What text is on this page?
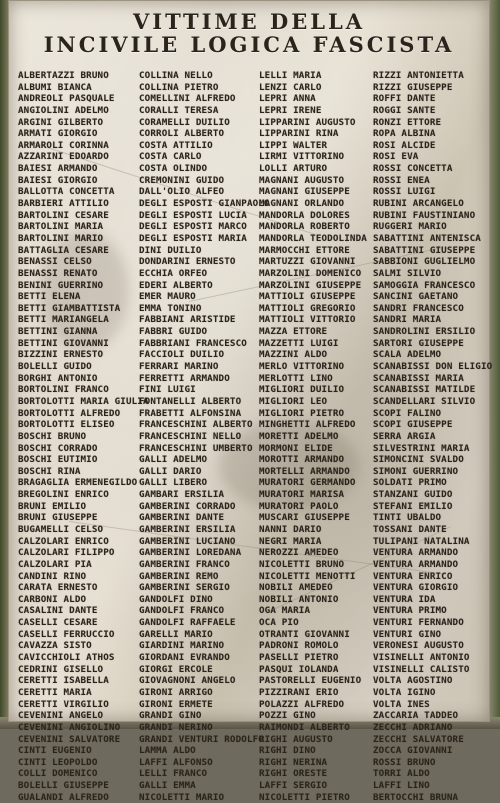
VITTIME DELLA
INCIVILE LOGICA FASCISTA
ALBERTAZZI BRUNO
ALBUMI BIANCA
ANDREOLI PASQUALE
ANGIOLINI ADELMO
ARGINI GILBERTO
ARMATI GIORGIO
ARMAROLI CORINNA
AZZARINI EDOARDO
BAIESI ARMANDO
BAIESI GIORGIO
BALLOTTA CONCETTA
BARBIERI ATTILIO
BARTOLINI CESARE
BARTOLINI MARIA
BARTOLINI MARIO
BATTAGLIA CESARE
BENASSI CELSO
BENASSI RENATO
BENINI GUERRINO
BETTI ELENA
BETTI GIAMBATTISTA
BETTI MARIANGELA
BETTINI GIANNA
BETTINI GIOVANNI
BIZZINI ERNESTO
BOLELLI GUIDO
BORGHI ANTONIO
BORTOLINI FRANCO
BORTOLOTTI MARIA GIULIA
BORTOLOTTI ALFREDO
BORTOLOTTI ELISEO
BOSCHI BRUNO
BOSCHI CORRADO
BOSCHI EUTIMIO
BOSCHI RINA
BRAGAGLIA ERMENEGILDO
BREGOLINI ENRICO
BRUNI EMILIO
BRUNI GIUSEPPE
BUGAMELLI CELSO
CALZOLARI ENRICO
CALZOLARI FILIPPO
CALZOLARI PIA
CANDINI RINO
CARATA ERNESTO
CARBONI ALDO
CASALINI DANTE
CASELLI CESARE
CASELLI FERRUCCIO
CAVAZZA SISTO
CAVICCHIOLI ATHOS
CEDRINI GISELLO
CERETTI ISABELLA
CERETTI MARIA
CERETTI VIRGILIO
CEVENINI ANGELO
CEVENINI ANGIOLINO
CEVENINI SALVATORE
CINTI EUGENIO
CINTI LEOPOLDO
COLLI DOMENICO
BOLELLI GIUSEPPE
GUALANDI ALFREDO
COLLINA NELLO
COLLINA PIETRO
COMELLINI ALFREDO
CORALLI TERESA
CORAMELLI DUILIO
CORROLI ALBERTO
COSTA ATTILIO
COSTA CARLO
COSTA OLINDO
CREMONINI GUIDO
DALL'OLIO ALFEO
DEGLI ESPOSTI GIANPAOLO
DEGLI ESPOSTI LUCIA
DEGLI ESPOSTI MARCO
DEGLI ESPOSTI MARIA
DINI DUILIO
DONDARINI ERNESTO
ECCHIA ORFEO
EDERI ALBERTO
EMER MAURO
EMMA TONINO
FABBIANI ARISTIDE
FABBRI GUIDO
FABBRIANI FRANCESCO
FACCIOLI DUILIO
FERRARI MARINO
FERRETTI ARMANDO
FINI LUIGI
FONTANELLI ALBERTO
FRABETTI ALFONSINA
FRANCESCHINI ALBERTO
FRANCESCHINI NELLO
FRANCESCHINI UMBERTO
GALLI ADELMO
GALLI DARIO
GALLI LIBERO
GAMBARI ERSILIA
GAMBERINI CORRADO
GAMBERINI DANTE
GAMBERINI ERSILIA
GAMBERINI LUCIANO
GAMBERINI LOREDANA
GAMBERINI FRANCO
GAMBERINI REMO
GAMBERINI SERGIO
GANDOLFI DINO
GANDOLFI FRANCO
GANDOLFI RAFFAELE
GARELLI MARIO
GIARDINI MARINO
GIORDANI EVRANDO
GIORGI ERCOLE
GIOVAGNONI ANGELO
GIRONI ARRIGO
GIRONI ERMETE
GRANDI GINO
GRANDI NERINO
GRANDI VENTURI RODOLFO
LAMMA ALDO
LAFFI ALFONSO
LELLI FRANCO
GALLI EMMA
NICOLETTI MARIO
LELLI MARIA
LENZI CARLO
LEPRI ANNA
LEPRI IRENE
LIPPARINI AUGUSTO
LIPPARINI RINA
LIPPI WALTER
LIRMI VITTORINO
LOLLI ARTURO
MAGNANI AUGUSTO
MAGNANI GIUSEPPE
MAGNANI ORLANDO
MANDORLA DOLORES
MANDORLA ROBERTO
MANDORLA TEODOLINDA
MARMOCCHI ETTORE
MARTUZZI GIOVANNI
MARZOLINI DOMENICO
MARZOLINI GIUSEPPE
MATTIOLI GIUSEPPE
MATTIOLI GREGORIO
MATTIOLI VITTORIO
MAZZA ETTORE
MAZZETTI LUIGI
MAZZINI ALDO
MERLO VITTORINO
MERLOTTI LINO
MIGLIORI DUILIO
MIGLIORI LEO
MIGLIORI PIETRO
MINGHETTI ALFREDO
MORETTI ADELMO
MORMONI ELIDE
MOROTTI ARMANDO
MORTELLI ARMANDO
MURATORI GERMANDO
MURATORI MARISA
MURATORI PAOLO
MUSCARI GIUSEPPE
NANNI DARIO
NEGRI MARIA
NEROZZI AMEDEO
NICOLETTI BRUNO
NICOLETTI MENOTTI
NOBILI AMEDEO
NOBILI ANTONIO
OGA MARIA
OCA PIO
OTRANTI GIOVANNI
PADRONI ROMOLO
PASELLI PIETRO
PASQUI IOLANDA
PASTORELLI EUGENIO
PIZZIRANI ERIO
POLAZZI ALFREDO
POZZI GINO
RAIMONDI ALBERTO
RIGHI AUGUSTO
RIGHI DINO
RIGHI NERINA
RIGHI ORESTE
LAFFI SERGIO
NICOLETTI PIETRO
RIZZI ANTONIETTA
RIZZI GIUSEPPE
ROFFI DANTE
ROGGI SANTE
RONZI ETTORE
ROPA ALBINA
ROSI ALCIDE
ROSI EVA
ROSSI CONCETTA
ROSSI ENEA
ROSSI LUIGI
RUBINI ARCANGELO
RUBINI FAUSTINIANO
RUGGERI MARIO
SABATTINI ANTENISCA
SABATTINI GIUSEPPE
SABBIONI GUGLIELMO
SALMI SILVIO
SAMOGGIA FRANCESCO
SANCINI GAETANO
SANDRI FRANCESCO
SANDRI MARIA
SANDROLINI ERSILIO
SARTORI GIUSEPPE
SCALA ADELMO
SCANABISSI DON ELIGIO
SCANABISSI MARIA
SCANABISSI MATILDE
SCANDELLARI SILVIO
SCOPI FALINO
SCOPI GIUSEPPE
SERRA ARGIA
SILVESTRINI MARIA
SIMONCINI SVALDO
SIMONI GUERRINO
SOLDATI PRIMO
STANZANI GUIDO
STEFANI EMILIO
TINTI UBALDO
TOSSANI DANTE
TULIPANI NATALINA
VENTURA ARMANDO
VENTURA ARMANDO
VENTURA ENRICO
VENTURA GIORGIO
VENTURA IDA
VENTURA PRIMO
VENTURI FERNANDO
VENTURI GINO
VERONESI AUGUSTO
VISINELLI ANTONIO
VISINELLI CALISTO
VOLTA AGOSTINO
VOLTA IGINO
VOLTA INES
ZACCARIA TADDEO
ZECCHI ADRIANO
ZECCHI SALVATORE
ZOCCA GIOVANNI
ROSSI BRUNO
TORRI ALDO
LAFFI LINO
BERTOCCHI BRUNA
